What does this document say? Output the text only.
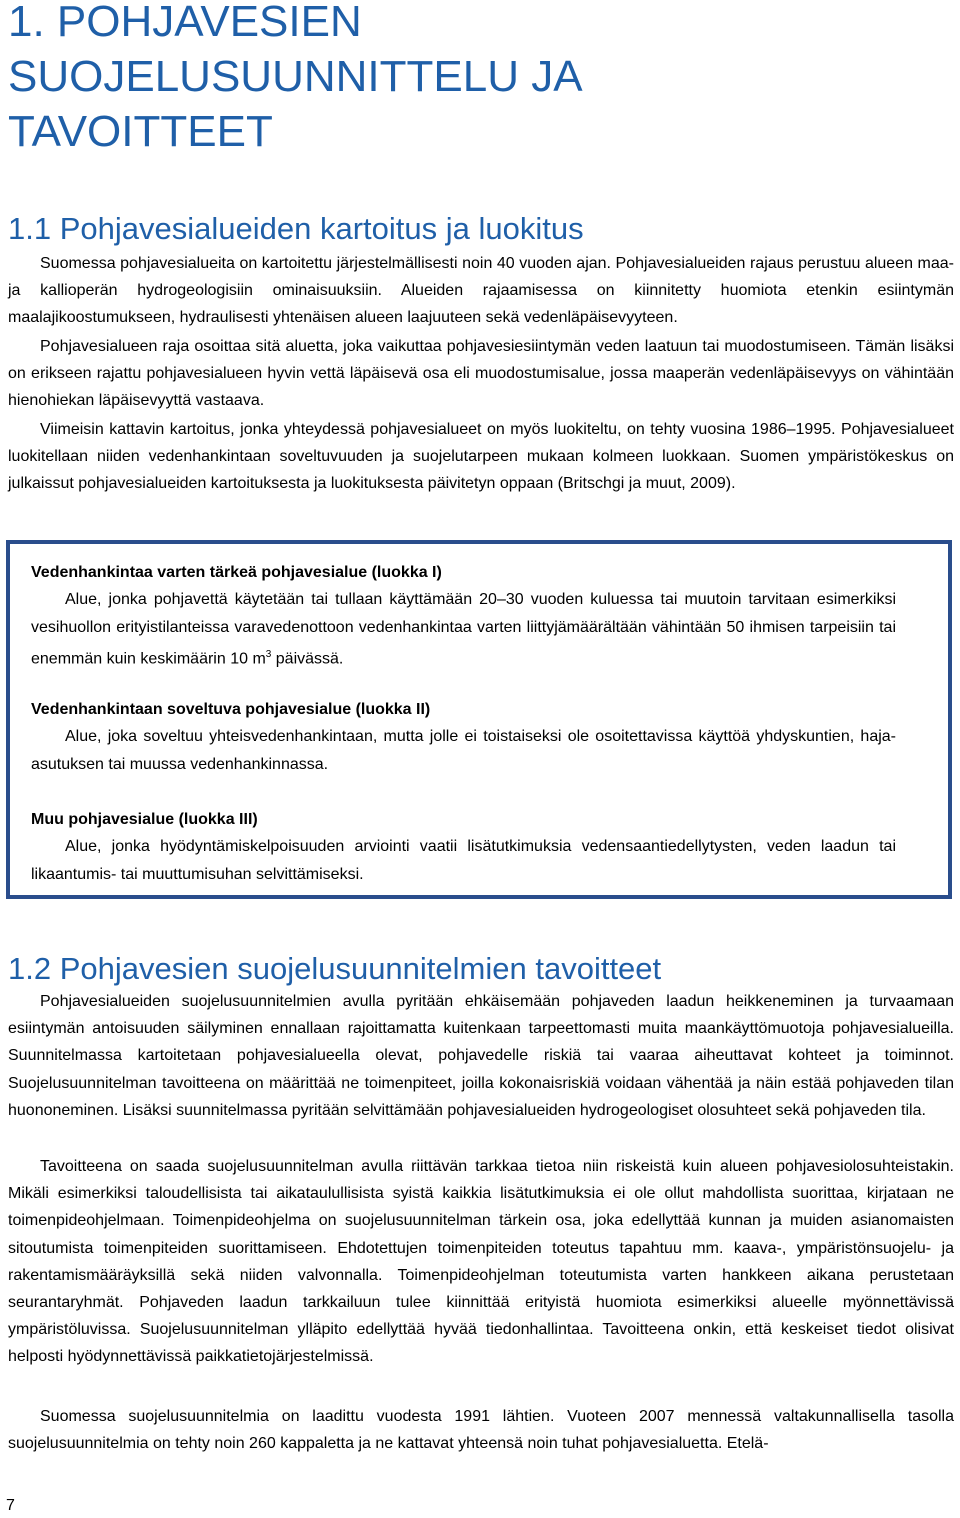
1. POHJAVESIEN
SUOJELUSUUNNITTELU JA
TAVOITTEET
1.1 Pohjavesialueiden kartoitus ja luokitus

Suomessa pohjavesialueita on kartoitettu järjestelmällisesti noin 40 vuoden ajan. Pohjavesialueiden rajaus perustuu alueen maa- ja kallioperän hydrogeologisiin ominaisuuksiin. Alueiden rajaamisessa on kiinnitetty huomiota etenkin esiintymän maalajikoostumukseen, hydraulisesti yhtenäisen alueen laajuuteen sekä vedenläpäisevyyteen.

Pohjavesialueen raja osoittaa sitä aluetta, joka vaikuttaa pohjavesiesiintymän veden laatuun tai muodostumiseen. Tämän lisäksi on erikseen rajattu pohjavesialueen hyvin vettä läpäisevä osa eli muodostumisalue, jossa maaperän vedenläpäisevyys on vähintään hienohiekan läpäisevyyttä vastaava.

Viimeisin kattavin kartoitus, jonka yhteydessä pohjavesialueet on myös luokiteltu, on tehty vuosina 1986–1995. Pohjavesialueet luokitellaan niiden vedenhankintaan soveltuvuuden ja suojelutarpeen mukaan kolmeen luokkaan. Suomen ympäristökeskus on julkaissut pohjavesialueiden kartoituksesta ja luokituksesta päivitetyn oppaan (Britschgi ja muut, 2009).

Vedenhankintaa varten tärkeä pohjavesialue (luokka I)

Alue, jonka pohjavettä käytetään tai tullaan käyttämään 20–30 vuoden kuluessa tai muutoin tarvitaan esimerkiksi vesihuollon erityistilanteissa varavedenottoon vedenhankintaa varten liittyjämäärältään vähintään 50 ihmisen tarpeisiin tai enemmän kuin keskimäärin 10 $m^3$ päivässä.

Vedenhankintaan soveltuva pohjavesialue (luokka II)

Alue, joka soveltuu yhteisvedenhankintaan, mutta jolle ei toistaiseksi ole osoitettavissa käyttöä yhdyskuntien, haja-asutuksen tai muussa vedenhankinnassa.

Muu pohjavesialue (luokka III)

Alue, jonka hyödyntämiskelpoisuuden arviointi vaatii lisätutkimuksia vedensaantiedellytysten, veden laadun tai likaantumis- tai muuttumisuhan selvittämiseksi.

1.2 Pohjavesien suojelusuunnitelmien tavoitteet

Pohjavesialueiden suojelusuunnitelmien avulla pyritään ehkäisemään pohjaveden laadun heikkeneminen ja turvaamaan esiintymän antoisuuden säilyminen ennallaan rajoittamatta kuitenkaan tarpeettomasti muita maankäyttömuotoja pohjavesialueilla. Suunnitelmassa kartoitetaan pohjavesialueella olevat, pohjavedelle riskiä tai vaaraa aiheuttavat kohteet ja toiminnot. Suojelusuunnitelman tavoitteena on määrittää ne toimenpiteet, joilla kokonaisriskiä voidaan vähentää ja näin estää pohjaveden tilan huononeminen. Lisäksi suunnitelmassa pyritään selvittämään pohjavesialueiden hydrogeologiset olosuhteet sekä pohjaveden tila.

Tavoitteena on saada suojelusuunnitelman avulla riittävän tarkkaa tietoa niin riskeistä kuin alueen pohjavesiolosuhteistakin. Mikäli esimerkiksi taloudellisista tai aikataulullisista syistä kaikkia lisätutkimuksia ei ole ollut mahdollista suorittaa, kirjataan ne toimenpideohjelmaan. Toimenpideohjelma on suojelusuunnitelman tärkein osa, joka edellyttää kunnan ja muiden asianomaisten sitoutumista toimenpiteiden suorittamiseen. Ehdotettujen toimenpiteiden toteutus tapahtuu mm. kaava-, ympäristönsuojelu- ja rakentamismääräyksillä sekä niiden valvonnalla. Toimenpideohjelman toteutumista varten hankkeen aikana perustetaan seurantaryhmät. Pohjaveden laadun tarkkailuun tulee kiinnittää erityistä huomiota esimerkiksi alueelle myönnettävissä ympäristöluvissa. Suojelusuunnitelman ylläpito edellyttää hyvää tiedonhallintaa. Tavoitteena onkin, että keskeiset tiedot olisivat helposti hyödynnettävissä paikkatietojärjestelmissä.

Suomessa suojelusuunnitelmia on laadittu vuodesta 1991 lähtien. Vuoteen 2007 mennessä valtakunnallisella tasolla suojelusuunnitelmia on tehty noin 260 kappaletta ja ne kattavat yhteensä noin tuhat pohjavesialuetta. Etelä-

7
